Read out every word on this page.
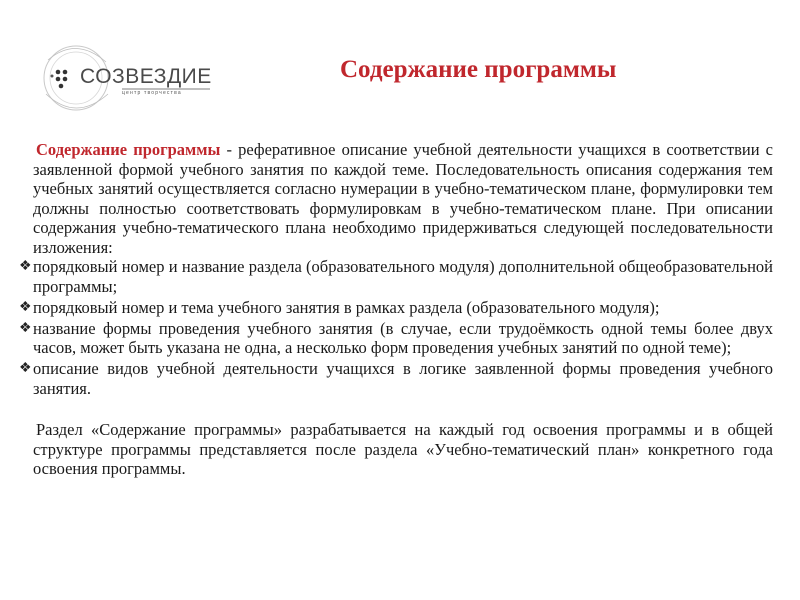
СОЗВЕЗДИЕ
центр творчества
Содержание программы

Содержание программы - реферативное описание учебной деятельности учащихся в соответствии с заявленной формой учебного занятия по каждой теме. Последовательность описания содержания тем учебных занятий осуществляется согласно нумерации в учебно-тематическом плане, формулировки тем должны полностью соответствовать формулировкам в учебно-тематическом плане. При описании содержания учебно-тематического плана необходимо придерживаться следующей последовательности изложения:

❖ порядковый номер и название раздела (образовательного модуля) дополнительной общеобразовательной программы;
❖ порядковый номер и тема учебного занятия в рамках раздела (образовательного модуля);
❖ название формы проведения учебного занятия (в случае, если трудоёмкость одной темы более двух часов, может быть указана не одна, а несколько форм проведения учебных занятий по одной теме);
❖ описание видов учебной деятельности учащихся в логике заявленной формы проведения учебного занятия.

Раздел «Содержание программы» разрабатывается на каждый год освоения программы и в общей структуре программы представляется после раздела «Учебно-тематический план» конкретного года освоения программы.
